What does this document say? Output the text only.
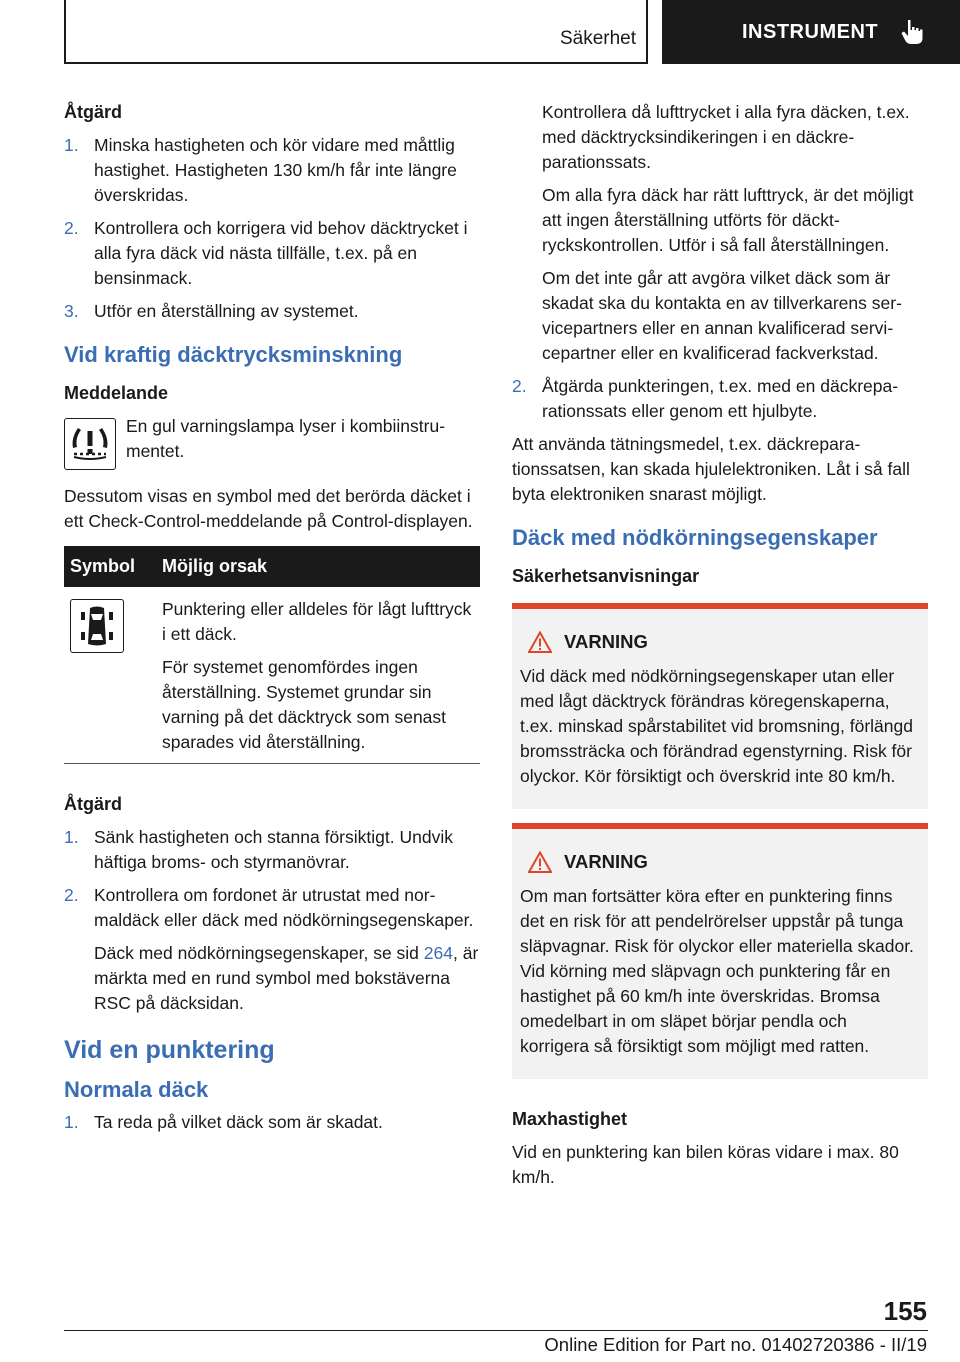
Säkerhet	INSTRUMENT
Åtgärd
1. Minska hastigheten och kör vidare med måttlig hastighet. Hastigheten 130 km/h får inte längre överskridas.

2. Kontrollera och korrigera vid behov däcktrycket i alla fyra däck vid nästa tillfälle, t.ex. på en bensinmack.

3. Utför en återställning av systemet.

Vid kraftig däcktrycksminskning
Meddelande
En gul varningslampa lyser i kombiinstrumentet.

Dessutom visas en symbol med det berörda däcket i ett Check-Control-meddelande på Control-displayen.

Symbol	Möjlig orsak

Punktering eller alldeles för lågt lufttryck i ett däck.

För systemet genomfördes ingen återställning. Systemet grundar sin varning på det däcktryck som senast sparades vid återställning.

Åtgärd
1. Sänk hastigheten och stanna försiktigt. Undvik häftiga broms- och styrmanövrar.

2. Kontrollera om fordonet är utrustat med normaldäck eller däck med nödkörningsegenskaper.

Däck med nödkörningsegenskaper, se sid 264, är märkta med en rund symbol med bokstäverna RSC på däcksidan.

Vid en punktering
Normala däck
1. Ta reda på vilket däck som är skadat.

Kontrollera då lufttrycket i alla fyra däcken, t.ex. med däcktrycksindikeringen i en däckreparationssats.

Om alla fyra däck har rätt lufttryck, är det möjligt att ingen återställning utförts för däcktryckskontrollen. Utför i så fall återställningen.

Om det inte går att avgöra vilket däck som är skadat ska du kontakta en av tillverkarens servicepartners eller en annan kvalificerad servicepartner eller en kvalificerad fackverkstad.

2. Åtgärda punkteringen, t.ex. med en däckreparationssats eller genom ett hjulbyte.

Att använda tätningsmedel, t.ex. däckreparationssatsen, kan skada hjulelektroniken. Låt i så fall byta elektroniken snarast möjligt.

Däck med nödkörningsegenskaper
Säkerhetsanvisningar
VARNING

Vid däck med nödkörningsegenskaper utan eller med lågt däcktryck förändras köregenskaperna, t.ex. minskad spårstabilitet vid bromsning, förlängd bromssträcka och förändrad egenstyrning. Risk för olyckor. Kör försiktigt och överskrid inte 80 km/h.

VARNING

Om man fortsätter köra efter en punktering finns det en risk för att pendelrörelser uppstår på tunga släpvagnar. Risk för olyckor eller materiella skador. Vid körning med släpvagn och punktering får en hastighet på 60 km/h inte överskridas. Bromsa omedelbart in om släpet börjar pendla och korrigera så försiktigt som möjligt med ratten.

Maxhastighet

Vid en punktering kan bilen köras vidare i max. 80 km/h.

155
Online Edition for Part no. 01402720386 - II/19
